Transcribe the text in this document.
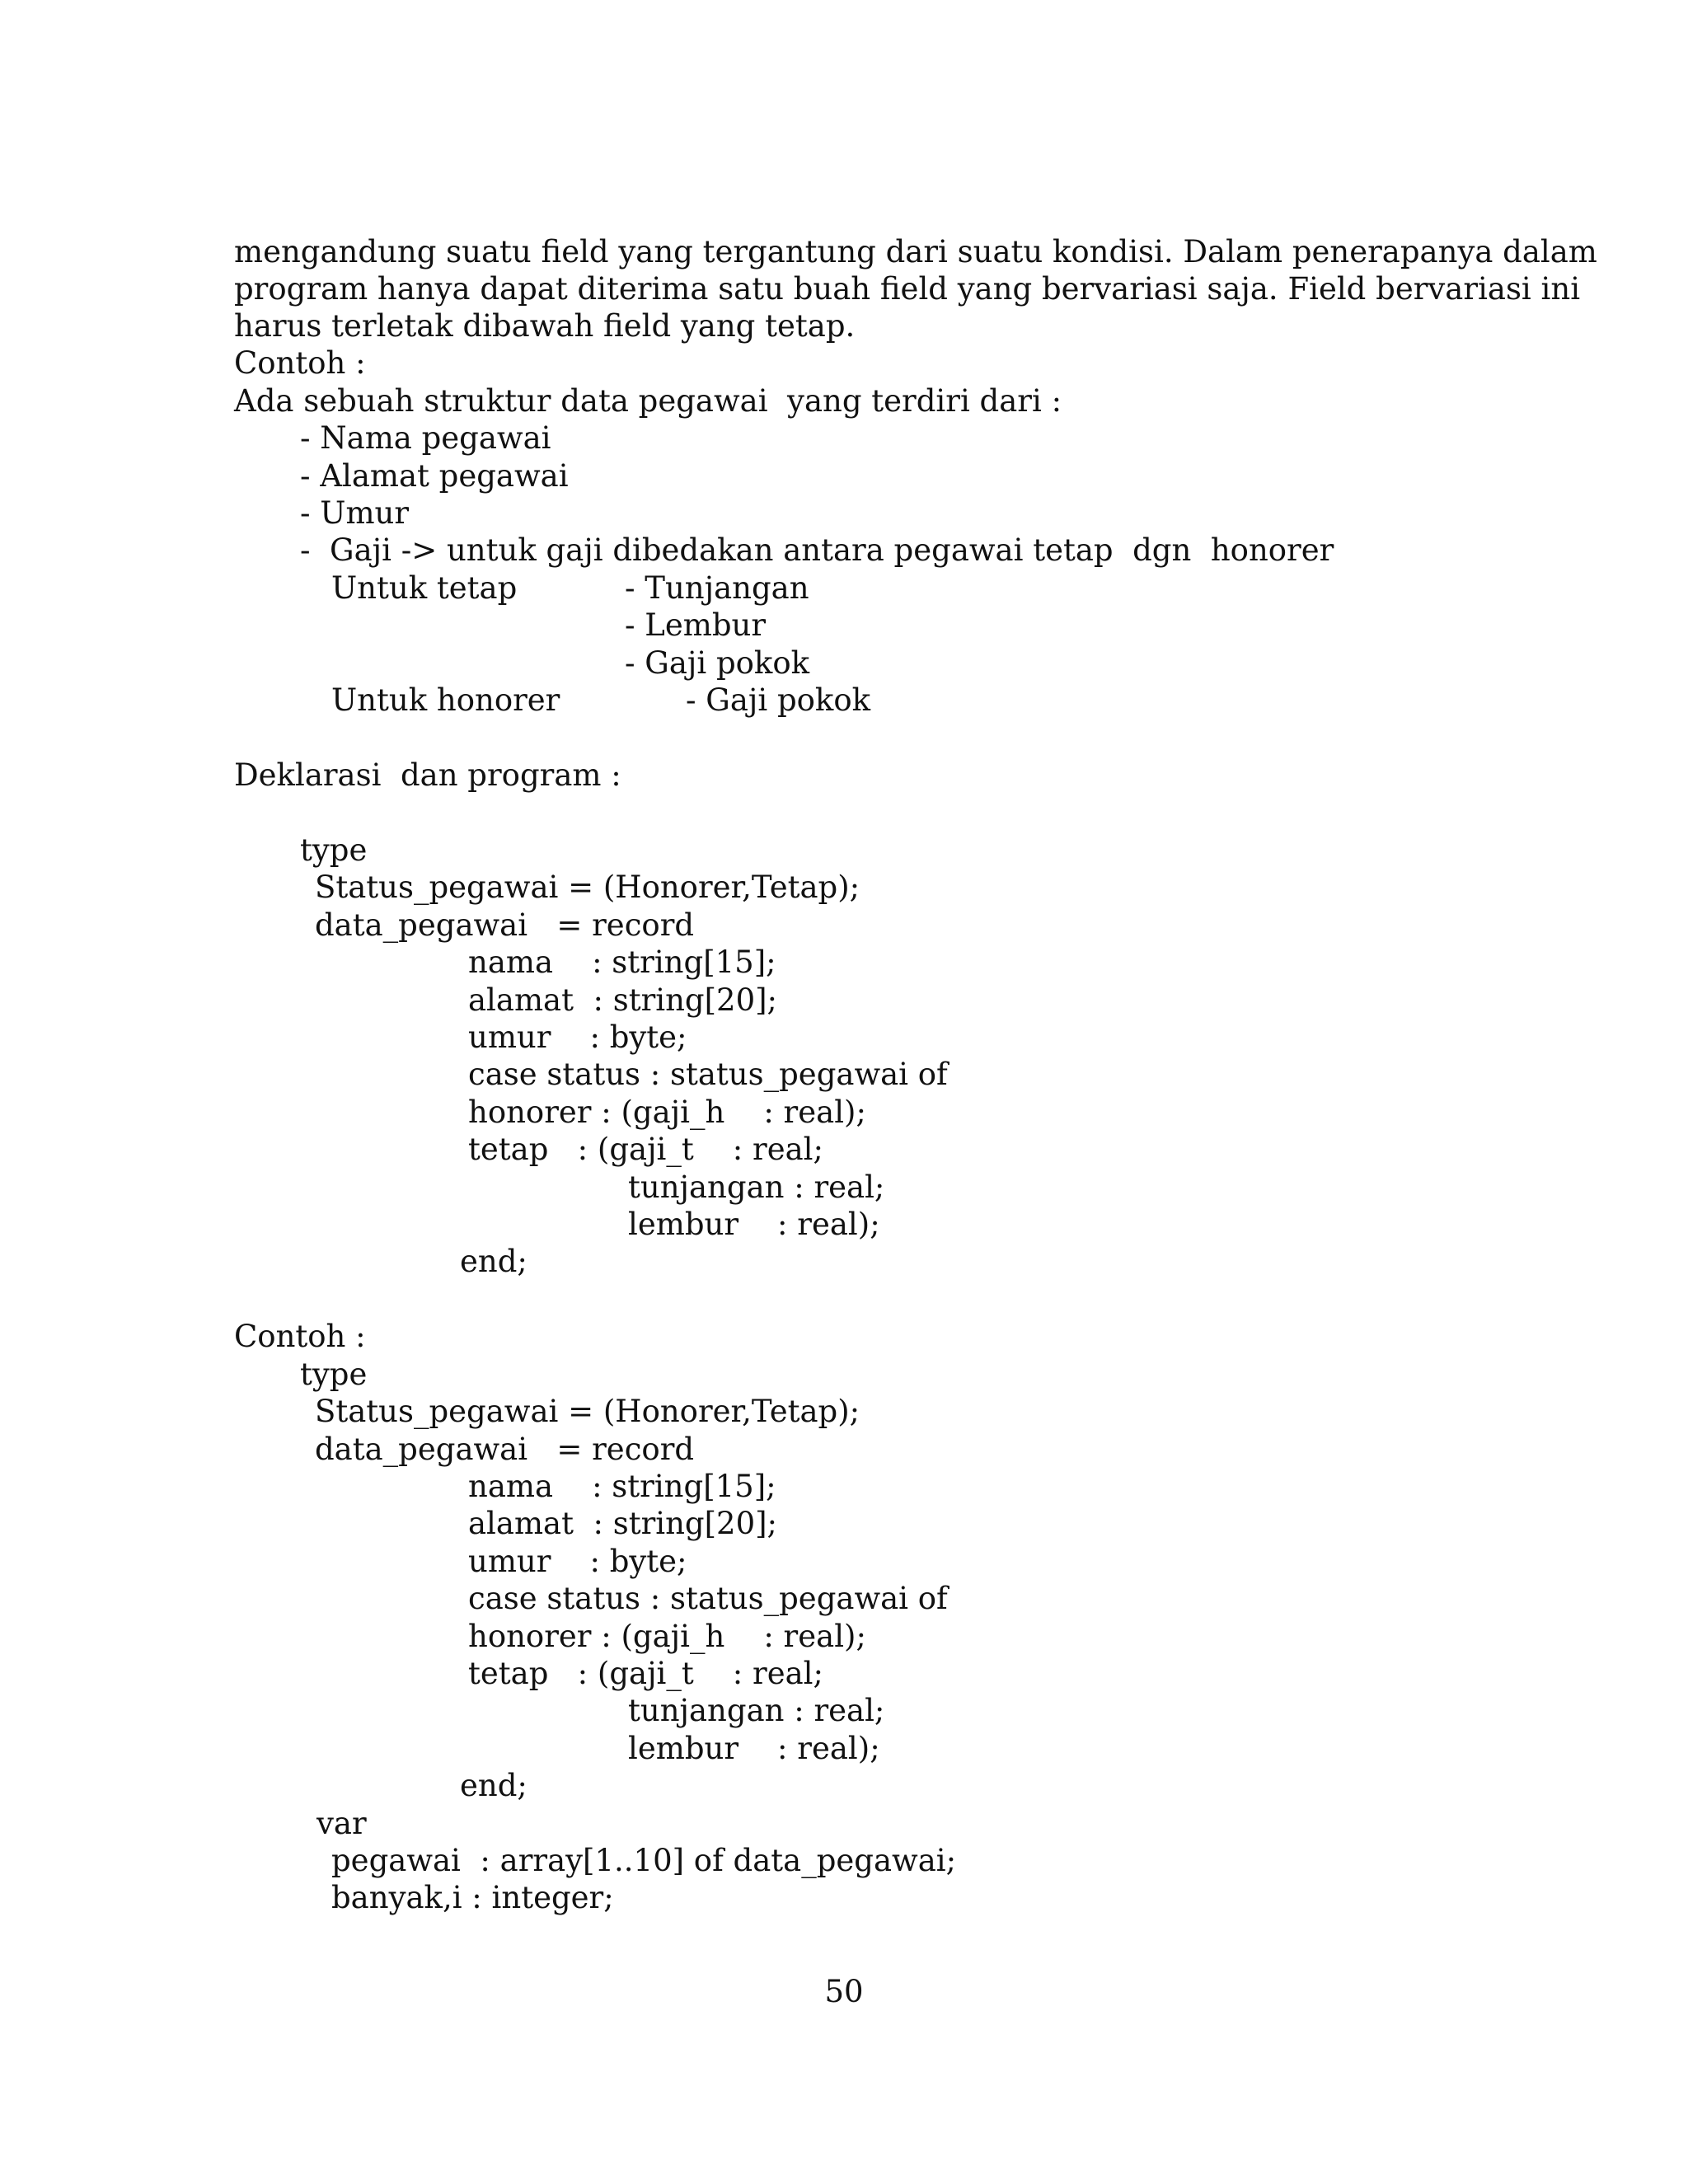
mengandung suatu field yang tergantung dari suatu kondisi. Dalam penerapanya dalam
program hanya dapat diterima satu buah field yang bervariasi saja. Field bervariasi ini
harus terletak dibawah field yang tetap.
Contoh :
Ada sebuah struktur data pegawai  yang terdiri dari :
- Nama pegawai
- Alamat pegawai
- Umur
-  Gaji -> untuk gaji dibedakan antara pegawai tetap  dgn  honorer
Untuk tetap	- Tunjangan
- Lembur
- Gaji pokok
Untuk honorer	- Gaji pokok
Deklarasi  dan program :
type
Status_pegawai = (Honorer,Tetap);
data_pegawai   = record
nama    : string[15];
alamat  : string[20];
umur    : byte;
case status : status_pegawai of
honorer : (gaji_h    : real);
tetap   : (gaji_t    : real;
tunjangan : real;
lembur    : real);
end;
Contoh :
type
Status_pegawai = (Honorer,Tetap);
data_pegawai   = record
nama    : string[15];
alamat  : string[20];
umur    : byte;
case status : status_pegawai of
honorer : (gaji_h    : real);
tetap   : (gaji_t    : real;
tunjangan : real;
lembur    : real);
end;
var
pegawai  : array[1..10] of data_pegawai;
banyak,i : integer;
50
